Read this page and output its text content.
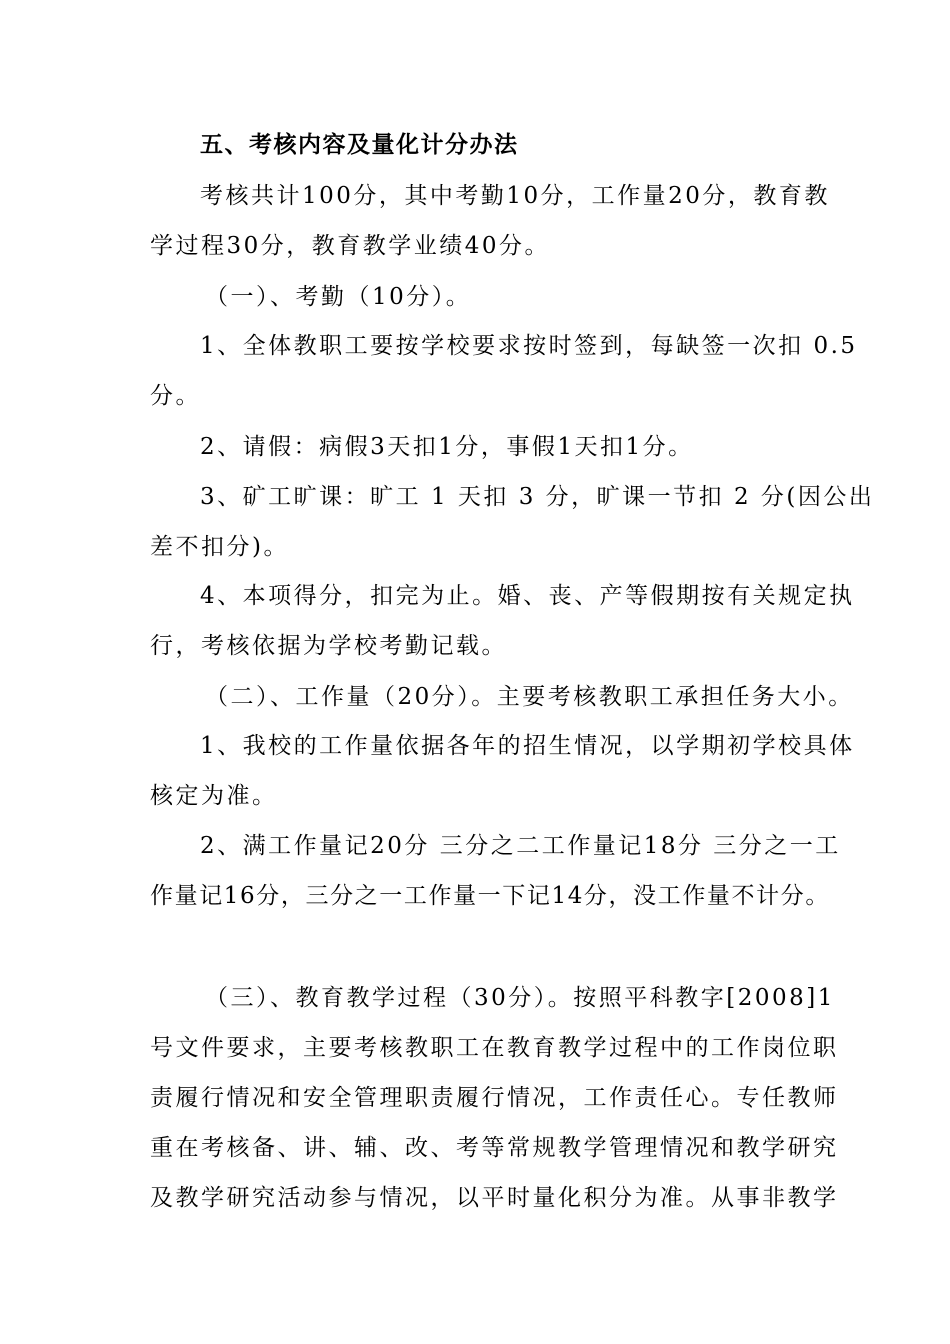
五、考核内容及量化计分办法
考核共计100分，其中考勤10分，工作量20分，教育教
学过程30分，教育教学业绩40分。
（一）、考勤（10分）。
1、全体教职工要按学校要求按时签到，每缺签一次扣 0.5
分。
2、请假：病假3天扣1分，事假1天扣1分。
3、矿工旷课：旷工 1 天扣 3 分，旷课一节扣 2 分(因公出
差不扣分)。
4、本项得分，扣完为止。婚、丧、产等假期按有关规定执
行，考核依据为学校考勤记载。
（二）、工作量（20分）。主要考核教职工承担任务大小。
1、我校的工作量依据各年的招生情况，以学期初学校具体
核定为准。
2、满工作量记20分 三分之二工作量记18分 三分之一工
作量记16分，三分之一工作量一下记14分，没工作量不计分。
（三）、教育教学过程（30分）。按照平科教字[2008]1
号文件要求，主要考核教职工在教育教学过程中的工作岗位职
责履行情况和安全管理职责履行情况，工作责任心。专任教师
重在考核备、讲、辅、改、考等常规教学管理情况和教学研究
及教学研究活动参与情况，以平时量化积分为准。从事非教学
